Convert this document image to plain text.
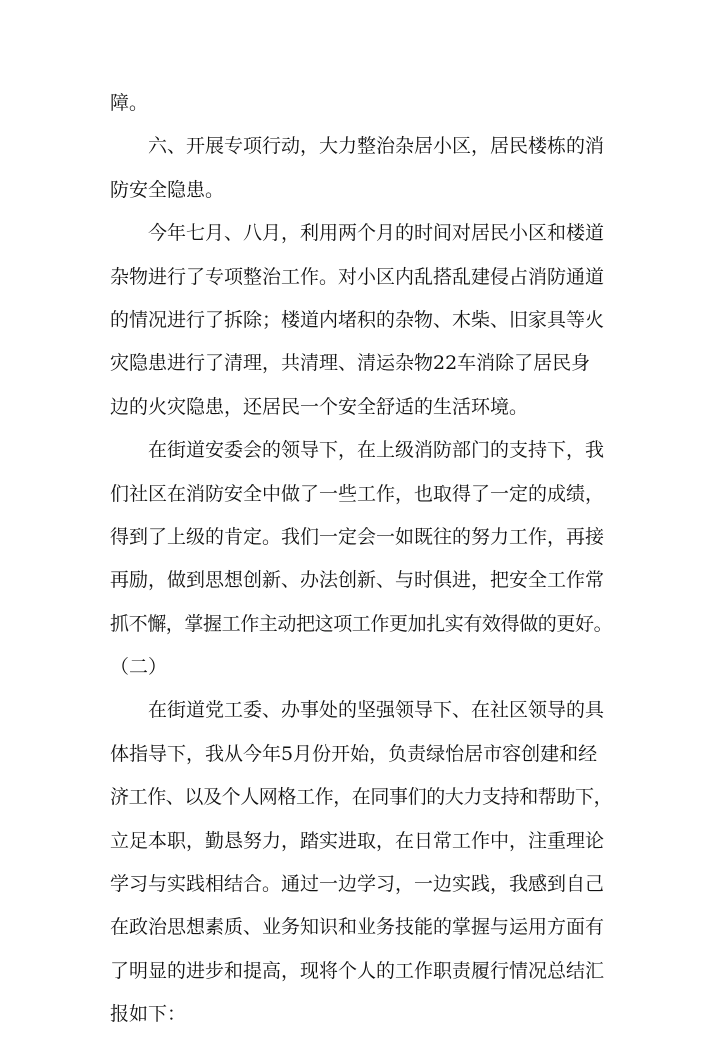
障。
六、开展专项行动，大力整治杂居小区，居民楼栋的消
防安全隐患。
今年七月、八月，利用两个月的时间对居民小区和楼道
杂物进行了专项整治工作。对小区内乱搭乱建侵占消防通道
的情况进行了拆除；楼道内堵积的杂物、木柴、旧家具等火
灾隐患进行了清理，共清理、清运杂物22车消除了居民身
边的火灾隐患，还居民一个安全舒适的生活环境。
在街道安委会的领导下，在上级消防部门的支持下，我
们社区在消防安全中做了一些工作，也取得了一定的成绩，
得到了上级的肯定。我们一定会一如既往的努力工作，再接
再励，做到思想创新、办法创新、与时俱进，把安全工作常
抓不懈，掌握工作主动把这项工作更加扎实有效得做的更好。
（二）
在街道党工委、办事处的坚强领导下、在社区领导的具
体指导下，我从今年5月份开始，负责绿怡居市容创建和经
济工作、以及个人网格工作，在同事们的大力支持和帮助下，
立足本职，勤恳努力，踏实进取，在日常工作中，注重理论
学习与实践相结合。通过一边学习，一边实践，我感到自己
在政治思想素质、业务知识和业务技能的掌握与运用方面有
了明显的进步和提高，现将个人的工作职责履行情况总结汇
报如下：
